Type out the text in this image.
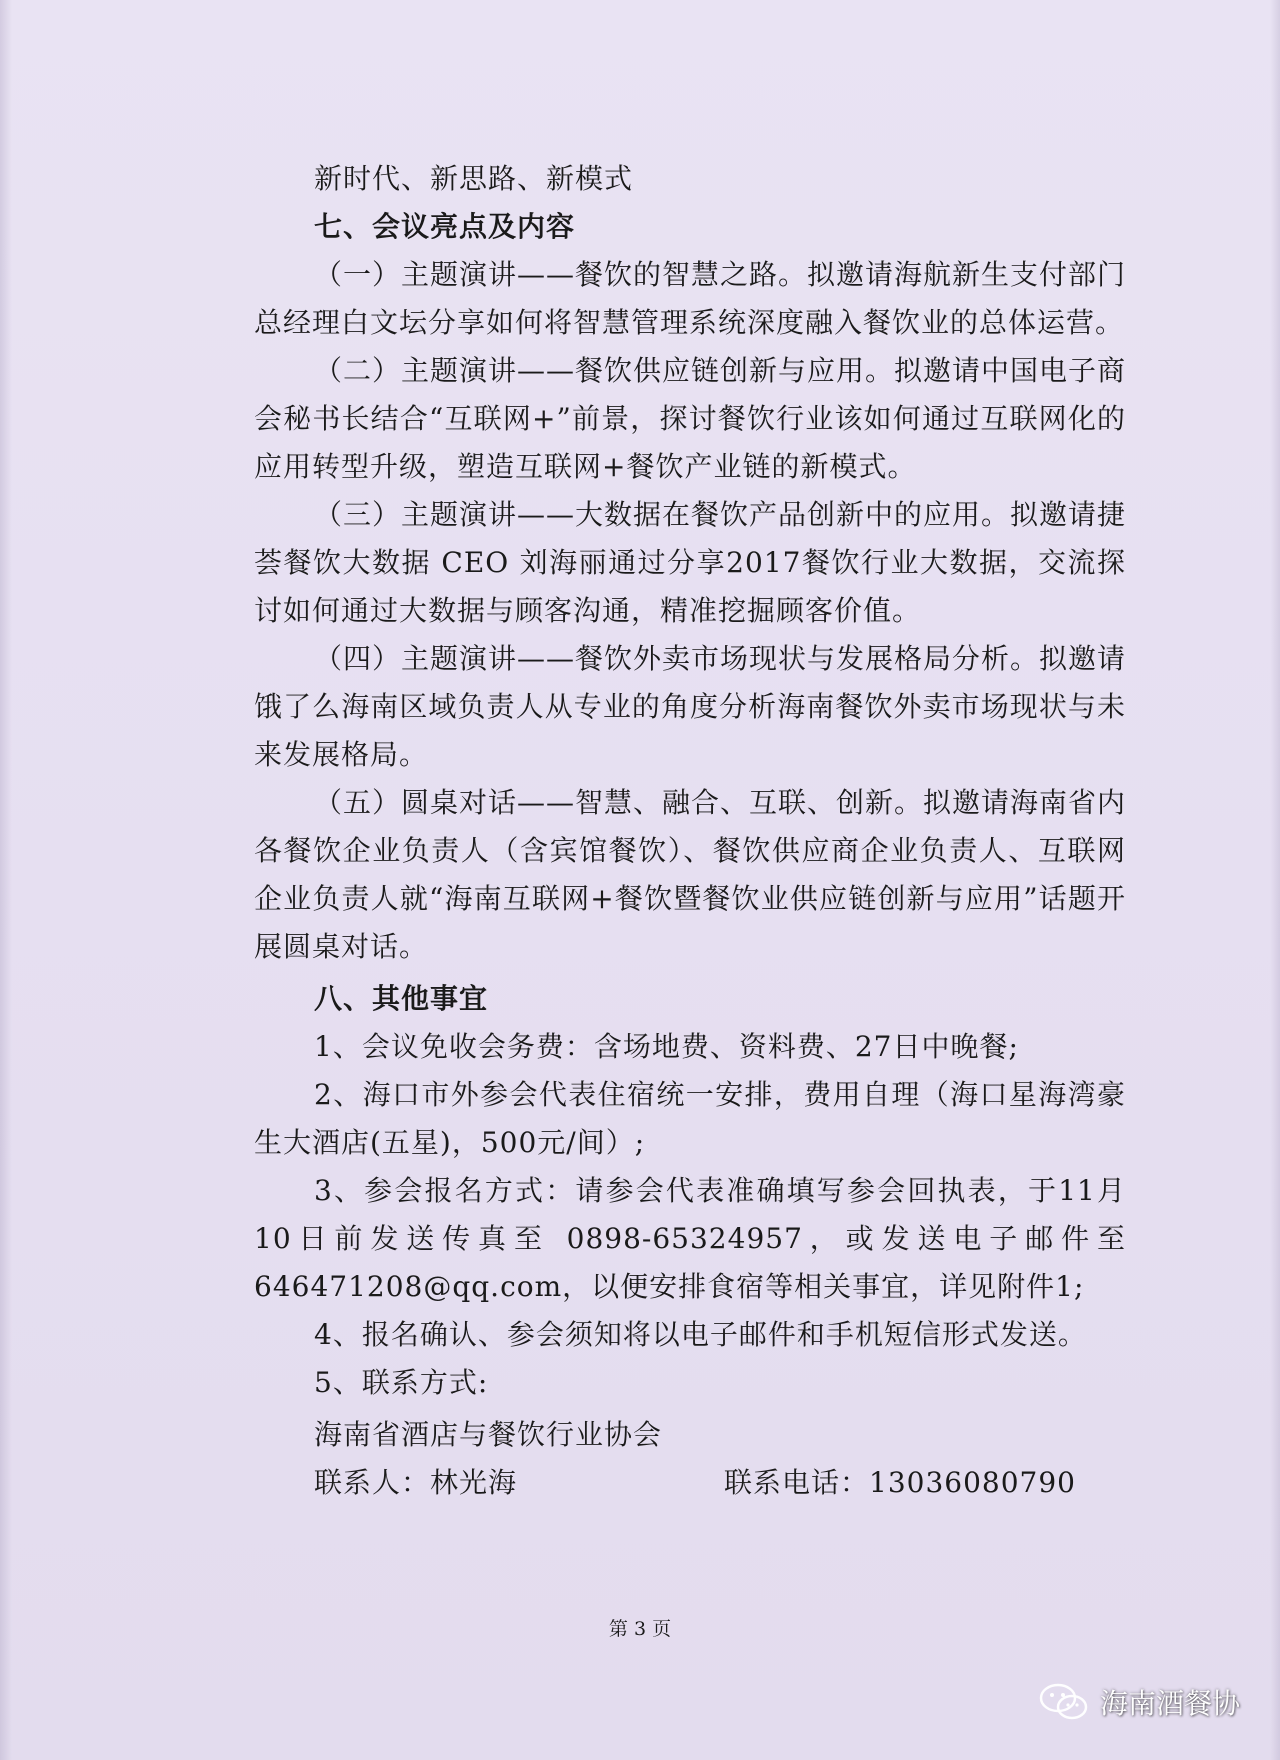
新时代、新思路、新模式

七、会议亮点及内容

（一）主题演讲——餐饮的智慧之路。拟邀请海航新生支付部门总经理白文坛分享如何将智慧管理系统深度融入餐饮业的总体运营。

（二）主题演讲——餐饮供应链创新与应用。拟邀请中国电子商会秘书长结合“互联网+”前景，探讨餐饮行业该如何通过互联网化的应用转型升级，塑造互联网+餐饮产业链的新模式。

（三）主题演讲——大数据在餐饮产品创新中的应用。拟邀请捷荟餐饮大数据 CEO 刘海丽通过分享2017餐饮行业大数据，交流探讨如何通过大数据与顾客沟通，精准挖掘顾客价值。

（四）主题演讲——餐饮外卖市场现状与发展格局分析。拟邀请饿了么海南区域负责人从专业的角度分析海南餐饮外卖市场现状与未来发展格局。

（五）圆桌对话——智慧、融合、互联、创新。拟邀请海南省内各餐饮企业负责人（含宾馆餐饮）、餐饮供应商企业负责人、互联网企业负责人就“海南互联网+餐饮暨餐饮业供应链创新与应用”话题开展圆桌对话。

八、其他事宜

1、会议免收会务费：含场地费、资料费、27日中晚餐;

2、海口市外参会代表住宿统一安排，费用自理（海口星海湾豪生大酒店(五星)，500元/间）;

3、参会报名方式：请参会代表准确填写参会回执表，于11月10日前发送传真至 0898-65324957，或发送电子邮件至 646471208@qq.com，以便安排食宿等相关事宜，详见附件1;

4、报名确认、参会须知将以电子邮件和手机短信形式发送。

5、联系方式:

海南省酒店与餐饮行业协会

联系人：林光海	联系电话：13036080790
第 3 页
海南酒餐协
